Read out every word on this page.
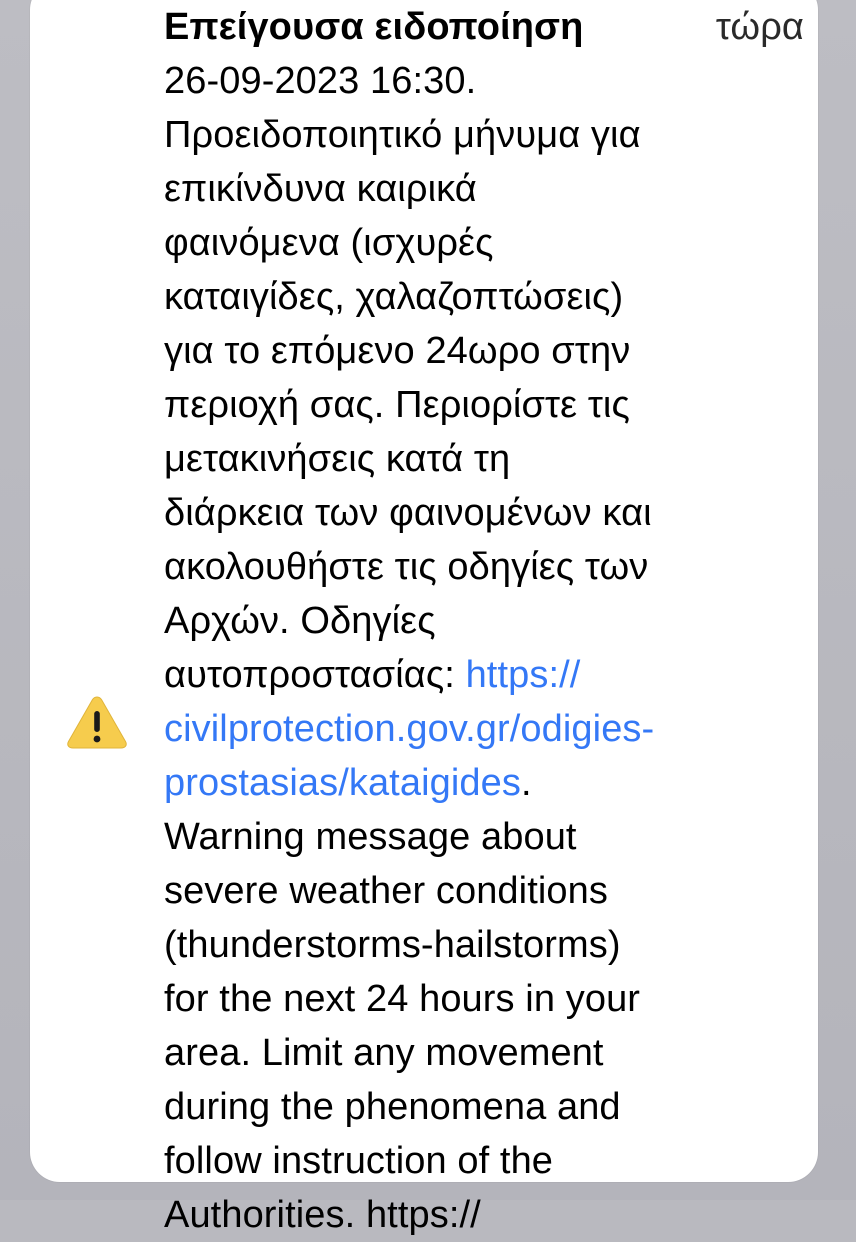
Επείγουσα ειδοποίηση	τώρα
26-09-2023 16:30.
Προειδοποιητικό μήνυμα για
επικίνδυνα καιρικά
φαινόμενα (ισχυρές
καταιγίδες, χαλαζοπτώσεις)
για το επόμενο 24ωρο στην
περιοχή σας. Περιορίστε τις
μετακινήσεις κατά τη
διάρκεια των φαινομένων και
ακολουθήστε τις οδηγίες των
Αρχών. Οδηγίες
αυτοπροστασίας: https://
civilprotection.gov.gr/odigies-
prostasias/kataigides.
Warning message about
severe weather conditions
(thunderstorms-hailstorms)
for the next 24 hours in your
area. Limit any movement
during the phenomena and
follow instruction of the
Authorities. https://
